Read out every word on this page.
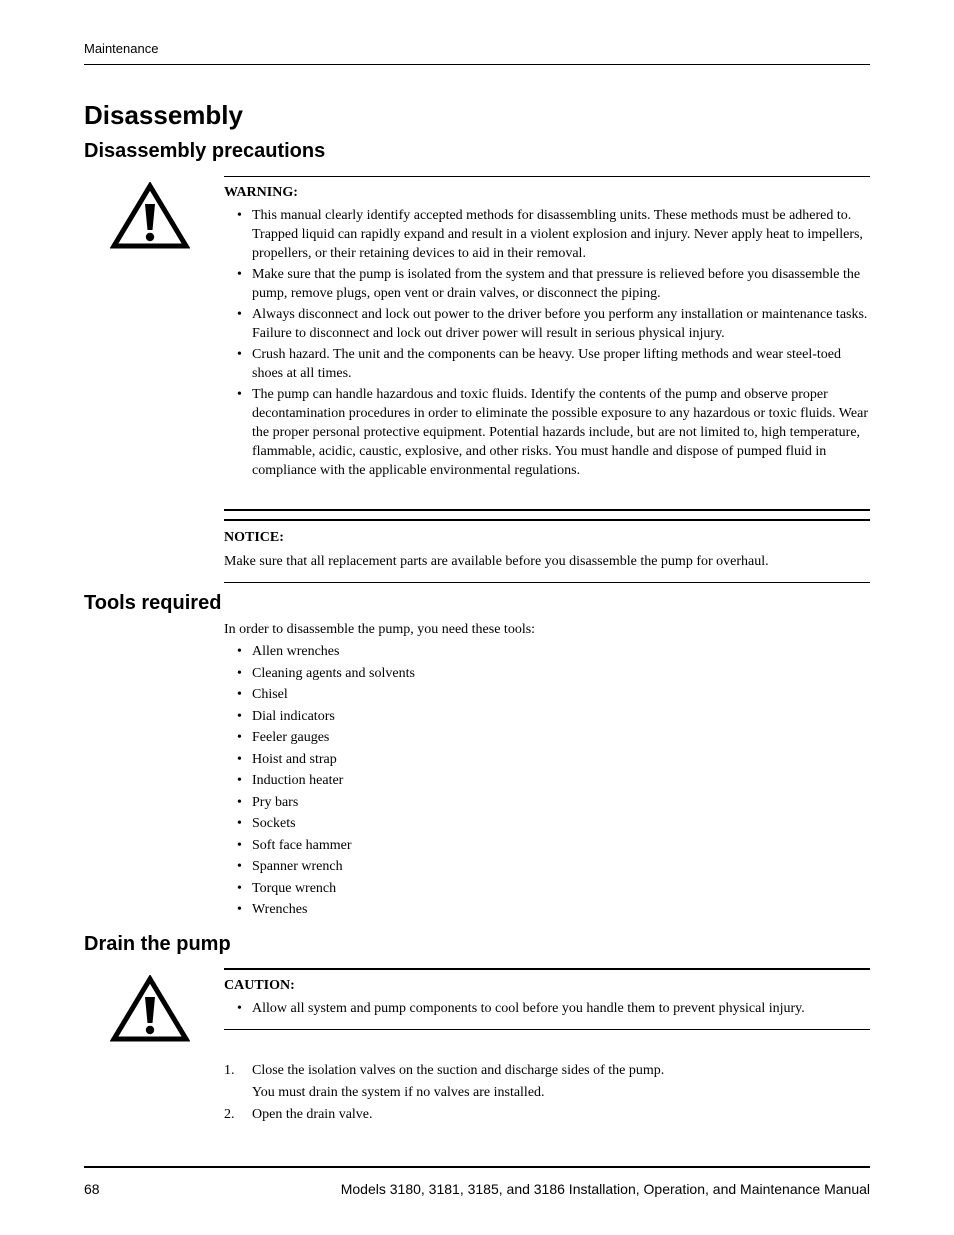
Maintenance
Disassembly
Disassembly precautions
WARNING:
• This manual clearly identify accepted methods for disassembling units. These methods must be adhered to. Trapped liquid can rapidly expand and result in a violent explosion and injury. Never apply heat to impellers, propellers, or their retaining devices to aid in their removal.
• Make sure that the pump is isolated from the system and that pressure is relieved before you disassemble the pump, remove plugs, open vent or drain valves, or disconnect the piping.
• Always disconnect and lock out power to the driver before you perform any installation or maintenance tasks. Failure to disconnect and lock out driver power will result in serious physical injury.
• Crush hazard. The unit and the components can be heavy. Use proper lifting methods and wear steel-toed shoes at all times.
• The pump can handle hazardous and toxic fluids. Identify the contents of the pump and observe proper decontamination procedures in order to eliminate the possible exposure to any hazardous or toxic fluids. Wear the proper personal protective equipment. Potential hazards include, but are not limited to, high temperature, flammable, acidic, caustic, explosive, and other risks. You must handle and dispose of pumped fluid in compliance with the applicable environmental regulations.
NOTICE:
Make sure that all replacement parts are available before you disassemble the pump for overhaul.
Tools required
In order to disassemble the pump, you need these tools:
• Allen wrenches
• Cleaning agents and solvents
• Chisel
• Dial indicators
• Feeler gauges
• Hoist and strap
• Induction heater
• Pry bars
• Sockets
• Soft face hammer
• Spanner wrench
• Torque wrench
• Wrenches
Drain the pump
CAUTION:
• Allow all system and pump components to cool before you handle them to prevent physical injury.
1. Close the isolation valves on the suction and discharge sides of the pump.
You must drain the system if no valves are installed.
2. Open the drain valve.
68	Models 3180, 3181, 3185, and 3186 Installation, Operation, and Maintenance Manual
